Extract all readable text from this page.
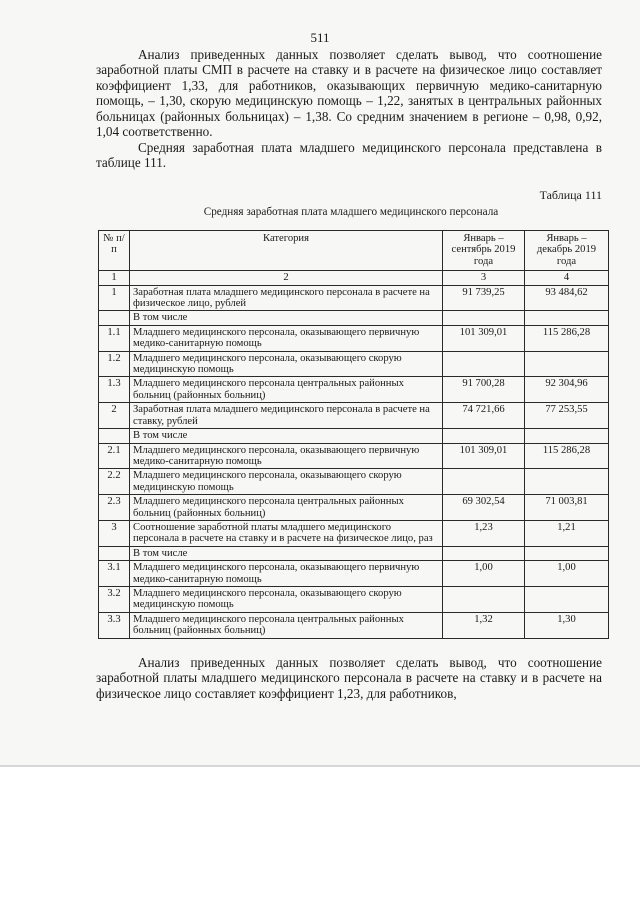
511

Анализ приведенных данных позволяет сделать вывод, что соотношение заработной платы СМП в расчете на ставку и в расчете на физическое лицо составляет коэффициент 1,33, для работников, оказывающих первичную медико-санитарную помощь, – 1,30, скорую медицинскую помощь – 1,22, занятых в центральных районных больницах (районных больницах) – 1,38. Со средним значением в регионе – 0,98, 0,92, 1,04 соответственно.

Средняя заработная плата младшего медицинского персонала представлена в таблице 111.

Таблица 111
Средняя заработная плата младшего медицинского персонала
№ п/п	Категория	Январь – сентябрь 2019 года	Январь – декабрь 2019 года
1	2	3	4
1	Заработная плата младшего медицинского персонала в расчете на физическое лицо, рублей	91 739,25	93 484,62
	В том числе		
1.1	Младшего медицинского персонала, оказывающего первичную медико-санитарную помощь	101 309,01	115 286,28
1.2	Младшего медицинского персонала, оказывающего скорую медицинскую помощь		
1.3	Младшего медицинского персонала центральных районных больниц (районных больниц)	91 700,28	92 304,96
2	Заработная плата младшего медицинского персонала в расчете на ставку, рублей	74 721,66	77 253,55
	В том числе		
2.1	Младшего медицинского персонала, оказывающего первичную медико-санитарную помощь	101 309,01	115 286,28
2.2	Младшего медицинского персонала, оказывающего скорую медицинскую помощь		
2.3	Младшего медицинского персонала центральных районных больниц (районных больниц)	69 302,54	71 003,81
3	Соотношение заработной платы младшего медицинского персонала в расчете на ставку и в расчете на физическое лицо, раз	1,23	1,21
	В том числе		
3.1	Младшего медицинского персонала, оказывающего первичную медико-санитарную помощь	1,00	1,00
3.2	Младшего медицинского персонала, оказывающего скорую медицинскую помощь		
3.3	Младшего медицинского персонала центральных районных больниц (районных больниц)	1,32	1,30

Анализ приведенных данных позволяет сделать вывод, что соотношение заработной платы младшего медицинского персонала в расчете на ставку и в расчете на физическое лицо составляет коэффициент 1,23, для работников,
